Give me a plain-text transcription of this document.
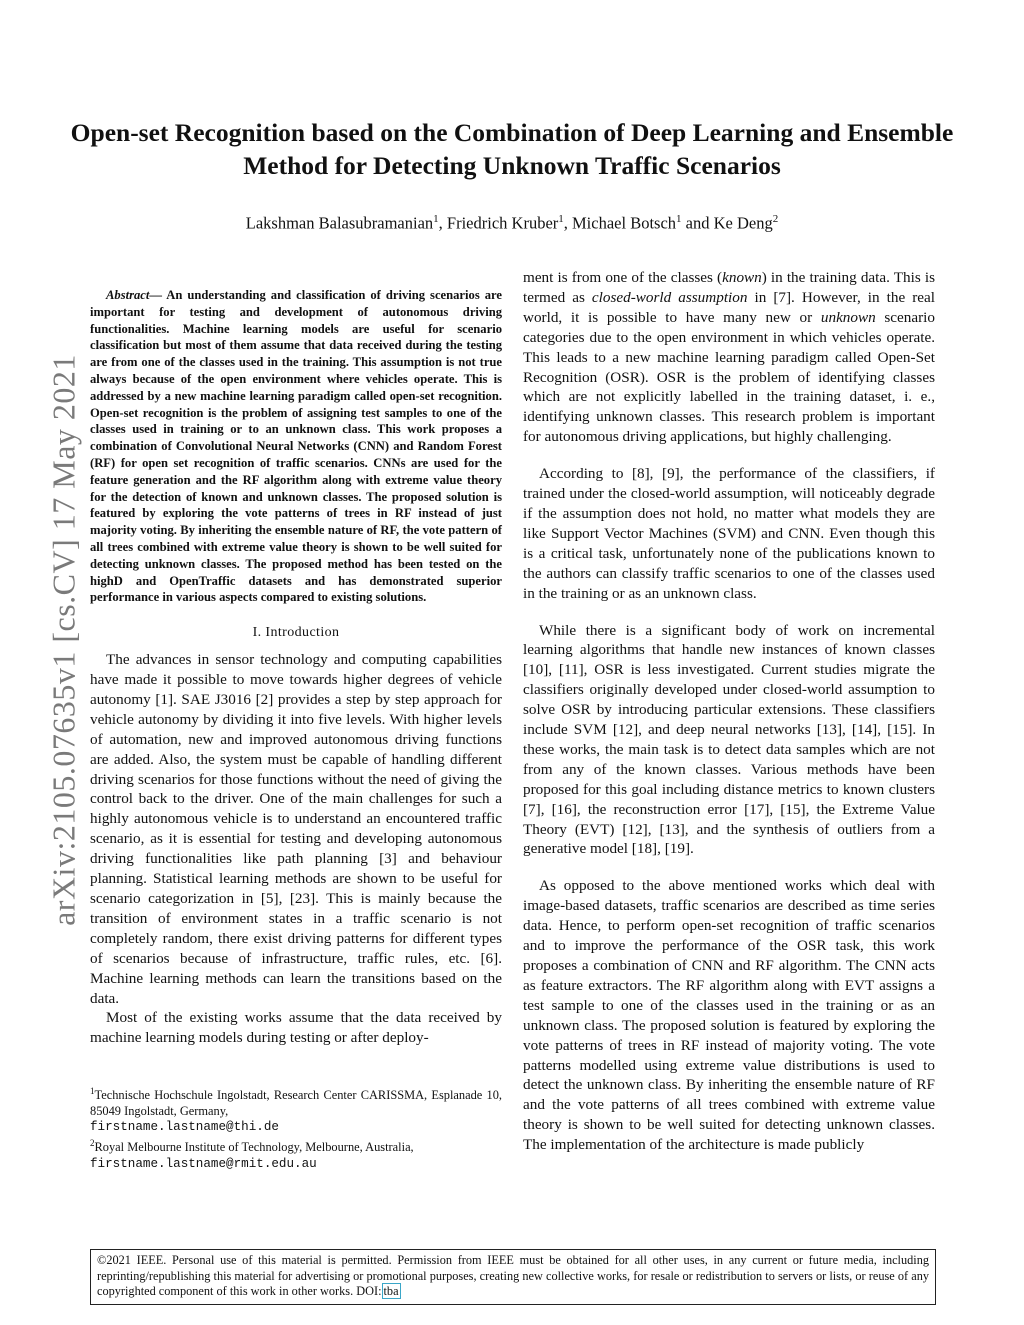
Open-set Recognition based on the Combination of Deep Learning and Ensemble Method for Detecting Unknown Traffic Scenarios
Lakshman Balasubramanian$^1$, Friedrich Kruber$^1$, Michael Botsch$^1$ and Ke Deng$^2$
arXiv:2105.07635v1 [cs.CV] 17 May 2021

Abstract— An understanding and classification of driving scenarios are important for testing and development of autonomous driving functionalities. Machine learning models are useful for scenario classification but most of them assume that data received during the testing are from one of the classes used in the training. This assumption is not true always because of the open environment where vehicles operate. This is addressed by a new machine learning paradigm called open-set recognition. Open-set recognition is the problem of assigning test samples to one of the classes used in training or to an unknown class. This work proposes a combination of Convolutional Neural Networks (CNN) and Random Forest (RF) for open set recognition of traffic scenarios. CNNs are used for the feature generation and the RF algorithm along with extreme value theory for the detection of known and unknown classes. The proposed solution is featured by exploring the vote patterns of trees in RF instead of just majority voting. By inheriting the ensemble nature of RF, the vote pattern of all trees combined with extreme value theory is shown to be well suited for detecting unknown classes. The proposed method has been tested on the highD and OpenTraffic datasets and has demonstrated superior performance in various aspects compared to existing solutions.

I. Introduction

The advances in sensor technology and computing capabilities have made it possible to move towards higher degrees of vehicle autonomy [1]. SAE J3016 [2] provides a step by step approach for vehicle autonomy by dividing it into five levels. With higher levels of automation, new and improved autonomous driving functions are added. Also, the system must be capable of handling different driving scenarios for those functions without the need of giving the control back to the driver. One of the main challenges for such a highly autonomous vehicle is to understand an encountered traffic scenario, as it is essential for testing and developing autonomous driving functionalities like path planning [3] and behaviour planning. Statistical learning methods are shown to be useful for scenario categorization in [5], [23]. This is mainly because the transition of environment states in a traffic scenario is not completely random, there exist driving patterns for different types of scenarios because of infrastructure, traffic rules, etc. [6]. Machine learning methods can learn the transitions based on the data.

Most of the existing works assume that the data received by machine learning models during testing or after deploy-

$^1$Technische Hochschule Ingolstadt, Research Center CARISSMA, Esplanade 10, 85049 Ingolstadt, Germany,
firstname.lastname@thi.de

$^2$Royal Melbourne Institute of Technology, Melbourne, Australia,
firstname.lastname@rmit.edu.au

ment is from one of the classes (known) in the training data. This is termed as closed-world assumption in [7]. However, in the real world, it is possible to have many new or unknown scenario categories due to the open environment in which vehicles operate. This leads to a new machine learning paradigm called Open-Set Recognition (OSR). OSR is the problem of identifying classes which are not explicitly labelled in the training dataset, i. e., identifying unknown classes. This research problem is important for autonomous driving applications, but highly challenging.

According to [8], [9], the performance of the classifiers, if trained under the closed-world assumption, will noticeably degrade if the assumption does not hold, no matter what models they are like Support Vector Machines (SVM) and CNN. Even though this is a critical task, unfortunately none of the publications known to the authors can classify traffic scenarios to one of the classes used in the training or as an unknown class.

While there is a significant body of work on incremental learning algorithms that handle new instances of known classes [10], [11], OSR is less investigated. Current studies migrate the classifiers originally developed under closed-world assumption to solve OSR by introducing particular extensions. These classifiers include SVM [12], and deep neural networks [13], [14], [15]. In these works, the main task is to detect data samples which are not from any of the known classes. Various methods have been proposed for this goal including distance metrics to known clusters [7], [16], the reconstruction error [17], [15], the Extreme Value Theory (EVT) [12], [13], and the synthesis of outliers from a generative model [18], [19].

As opposed to the above mentioned works which deal with image-based datasets, traffic scenarios are described as time series data. Hence, to perform open-set recognition of traffic scenarios and to improve the performance of the OSR task, this work proposes a combination of CNN and RF algorithm. The CNN acts as feature extractors. The RF algorithm along with EVT assigns a test sample to one of the classes used in the training or as an unknown class. The proposed solution is featured by exploring the vote patterns of trees in RF instead of majority voting. The vote patterns modelled using extreme value distributions is used to detect the unknown class. By inheriting the ensemble nature of RF and the vote patterns of all trees combined with extreme value theory is shown to be well suited for detecting unknown classes. The implementation of the architecture is made publicly

©2021 IEEE. Personal use of this material is permitted. Permission from IEEE must be obtained for all other uses, in any current or future media, including reprinting/republishing this material for advertising or promotional purposes, creating new collective works, for resale or redistribution to servers or lists, or reuse of any copyrighted component of this work in other works. DOI: tba
